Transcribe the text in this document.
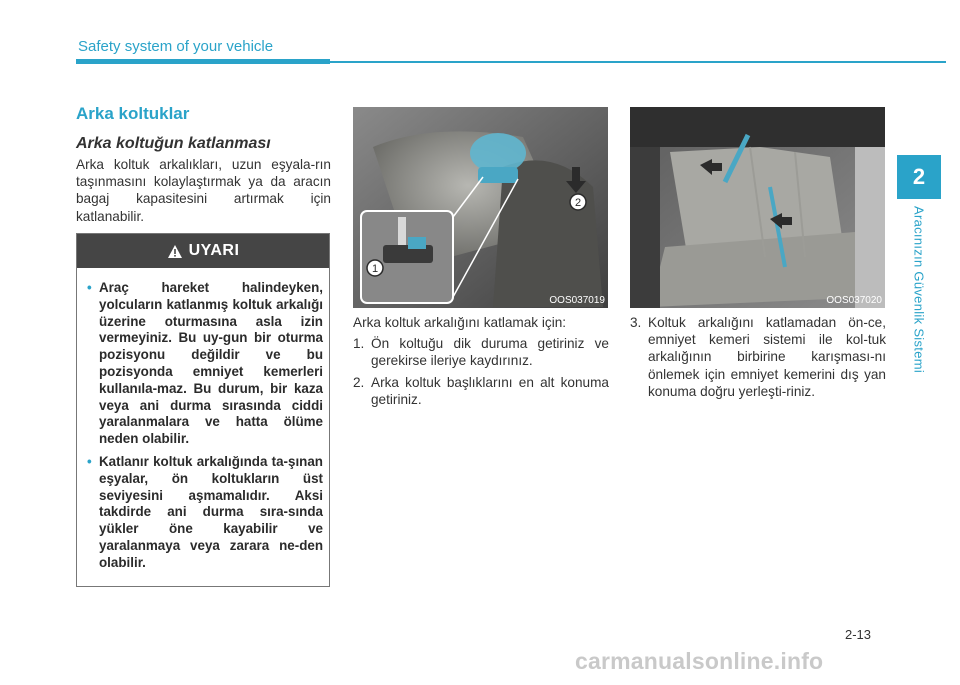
Safety system of your vehicle
2
Aracınızın Güvenlik Sistemi
Arka koltuklar
Arka koltuğun katlanması
Arka koltuk arkalıkları, uzun eşyala-rın taşınmasını kolaylaştırmak ya da aracın bagaj kapasitesini artırmak için katlanabilir.
UYARI
• Araç hareket halindeyken, yolcuların katlanmış koltuk arkalığı üzerine oturmasına asla izin vermeyiniz. Bu uy-gun bir oturma pozisyonu değildir ve bu pozisyonda emniyet kemerleri kullanıla-maz. Bu durum, bir kaza veya ani durma sırasında ciddi yaralanmalara ve hatta ölüme neden olabilir.
• Katlanır koltuk arkalığında ta-şınan eşyalar, ön koltukların üst seviyesini aşmamalıdır. Aksi takdirde ani durma sıra-sında yükler öne kayabilir ve yaralanmaya veya zarara ne-den olabilir.
2
1
OOS037019	OOS037020

Arka koltuk arkalığını katlamak için:

1. Ön koltuğu dik duruma getiriniz ve gerekirse ileriye kaydırınız.
2. Arka koltuk başlıklarını en alt konuma getiriniz.
3. Koltuk arkalığını katlamadan ön-ce, emniyet kemeri sistemi ile kol-tuk arkalığının birbirine karışması-nı önlemek için emniyet kemerini dış yan konuma doğru yerleşti-riniz.
2-13
carmanualsonline.info
